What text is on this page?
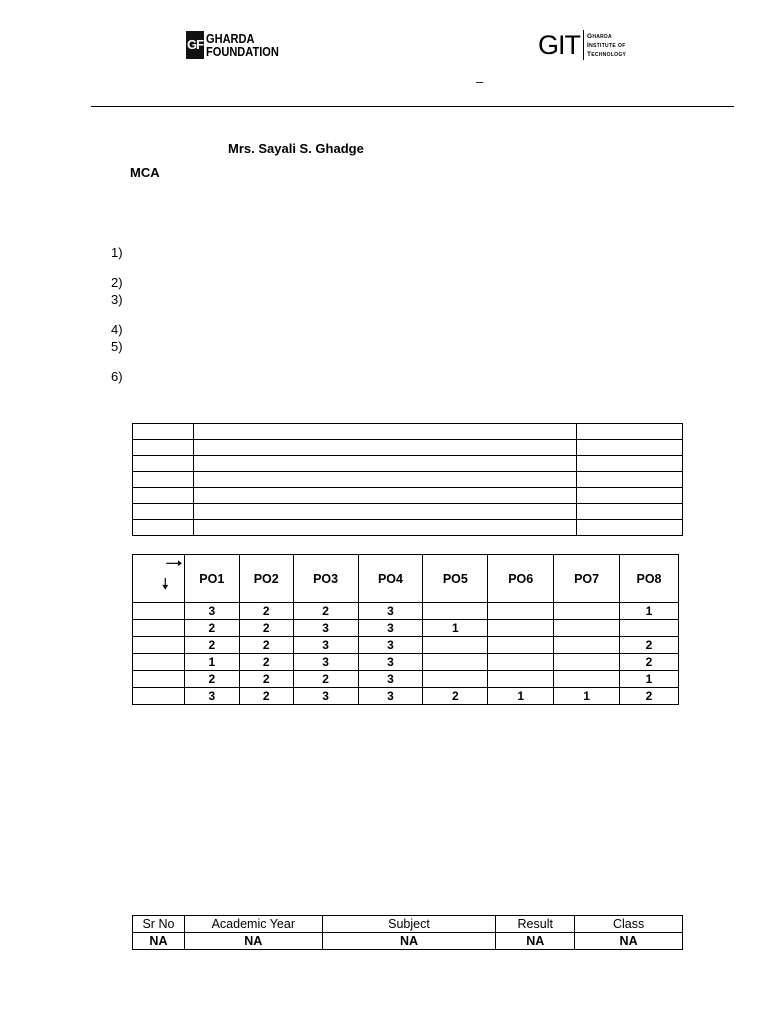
GF GHARDA
FOUNDATION	GIT Gharda
Institute of
Technology
–
Mrs. Sayali S. Ghadge
MCA
1)
2)
3)
4)
5)
6)

	PO1	PO2	PO3	PO4	PO5	PO6	PO7	PO8
	3	2	2	3				1
	2	2	3	3	1			
	2	2	3	3				2
	1	2	3	3				2
	2	2	2	3				1
	3	2	3	3	2	1	1	2
Sr No	Academic Year	Subject	Result	Class
NA	NA	NA	NA	NA
